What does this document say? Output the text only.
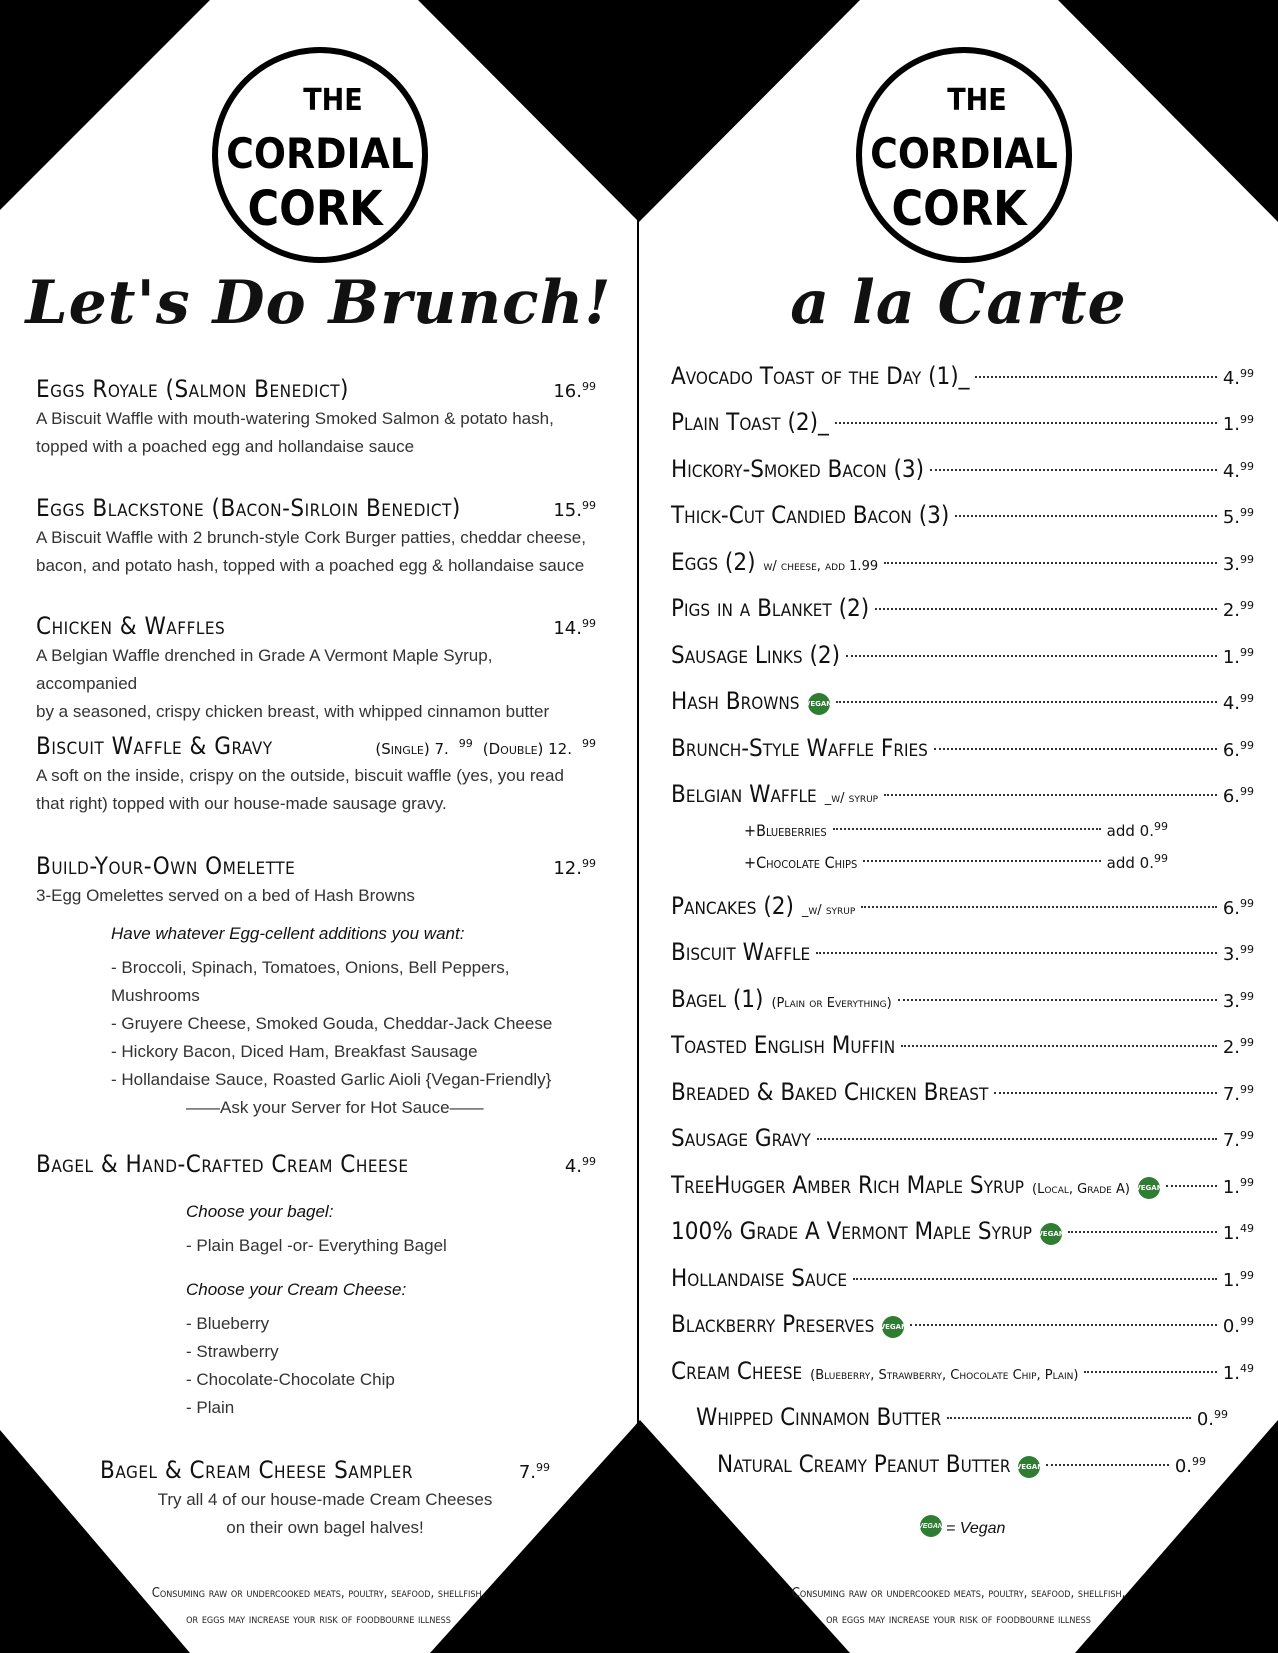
THE
CORDIAL
CORK
Let's Do Brunch!
Eggs Royale (Salmon Benedict)	16.99
A Biscuit Waffle with mouth-watering Smoked Salmon & potato hash,
topped with a poached egg and hollandaise sauce
Eggs Blackstone (Bacon-Sirloin Benedict)	15.99
A Biscuit Waffle with 2 brunch-style Cork Burger patties, cheddar cheese,
bacon, and potato hash, topped with a poached egg & hollandaise sauce
Chicken & Waffles	14.99
A Belgian Waffle drenched in Grade A Vermont Maple Syrup, accompanied
by a seasoned, crispy chicken breast, with whipped cinnamon butter
Biscuit Waffle & Gravy	(Single) 7. $^{99}$ (Double) 12. $^{99}$
A soft on the inside, crispy on the outside, biscuit waffle (yes, you read
that right) topped with our house-made sausage gravy.
Build-Your-Own Omelette	12.99
3-Egg Omelettes served on a bed of Hash Browns
Have whatever Egg-cellent additions you want:
- Broccoli, Spinach, Tomatoes, Onions, Bell Peppers, Mushrooms
- Gruyere Cheese, Smoked Gouda, Cheddar-Jack Cheese
- Hickory Bacon, Diced Ham, Breakfast Sausage
- Hollandaise Sauce, Roasted Garlic Aioli {Vegan-Friendly}
——Ask your Server for Hot Sauce——
Bagel & Hand-Crafted Cream Cheese	4.99
Choose your bagel:
- Plain Bagel -or- Everything Bagel
Choose your Cream Cheese:
- Blueberry
- Strawberry
- Chocolate-Chocolate Chip
- Plain
Bagel & Cream Cheese Sampler	7.99
Try all 4 of our house-made Cream Cheeses
on their own bagel halves!
Consuming raw or undercooked meats, poultry, seafood, shellfish,
or eggs may increase your risk of foodbourne illness
THE
CORDIAL
CORK
a la Carte
Avocado Toast of the Day (1)_	4.99
Plain Toast (2)_	1.99
Hickory-Smoked Bacon (3)	4.99
Thick-Cut Candied Bacon (3)	5.99
Eggs (2) w/ cheese, add 1.99	3.99
Pigs in a Blanket (2)	2.99
Sausage Links (2)	1.99
Hash Browns VEGAN	4.99
Brunch-Style Waffle Fries	6.99
Belgian Waffle _w/ syrup	6.99
+Blueberries	add 0.99
+Chocolate Chips	add 0.99
Pancakes (2) _w/ syrup	6.99
Biscuit Waffle	3.99
Bagel (1) (Plain or Everything)	3.99
Toasted English Muffin	2.99
Breaded & Baked Chicken Breast	7.99
Sausage Gravy	7.99
TreeHugger Amber Rich Maple Syrup (Local, Grade A) VEGAN	1.99
100% Grade A Vermont Maple Syrup VEGAN	1.49
Hollandaise Sauce	1.99
Blackberry Preserves VEGAN	0.99
Cream Cheese (Blueberry, Strawberry, Chocolate Chip, Plain)	1.49
Whipped Cinnamon Butter	0.99
Natural Creamy Peanut Butter VEGAN	0.99
VEGAN = Vegan
Consuming raw or undercooked meats, poultry, seafood, shellfish,
or eggs may increase your risk of foodbourne illness
